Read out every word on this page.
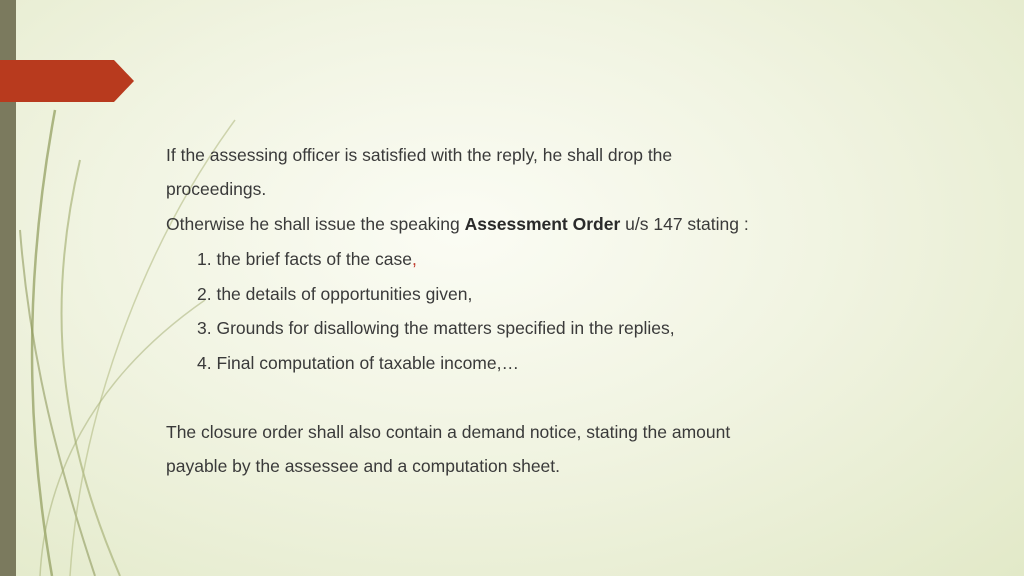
If the assessing officer is satisfied with the reply, he shall drop the
proceedings.
Otherwise he shall issue the speaking Assessment Order u/s 147 stating :
1. the brief facts of the case,
2. the details of opportunities given,
3. Grounds for disallowing the matters specified in the replies,
4. Final computation of taxable income,…
The closure order shall also contain a demand notice, stating the amount
payable by the assessee and a computation sheet.
